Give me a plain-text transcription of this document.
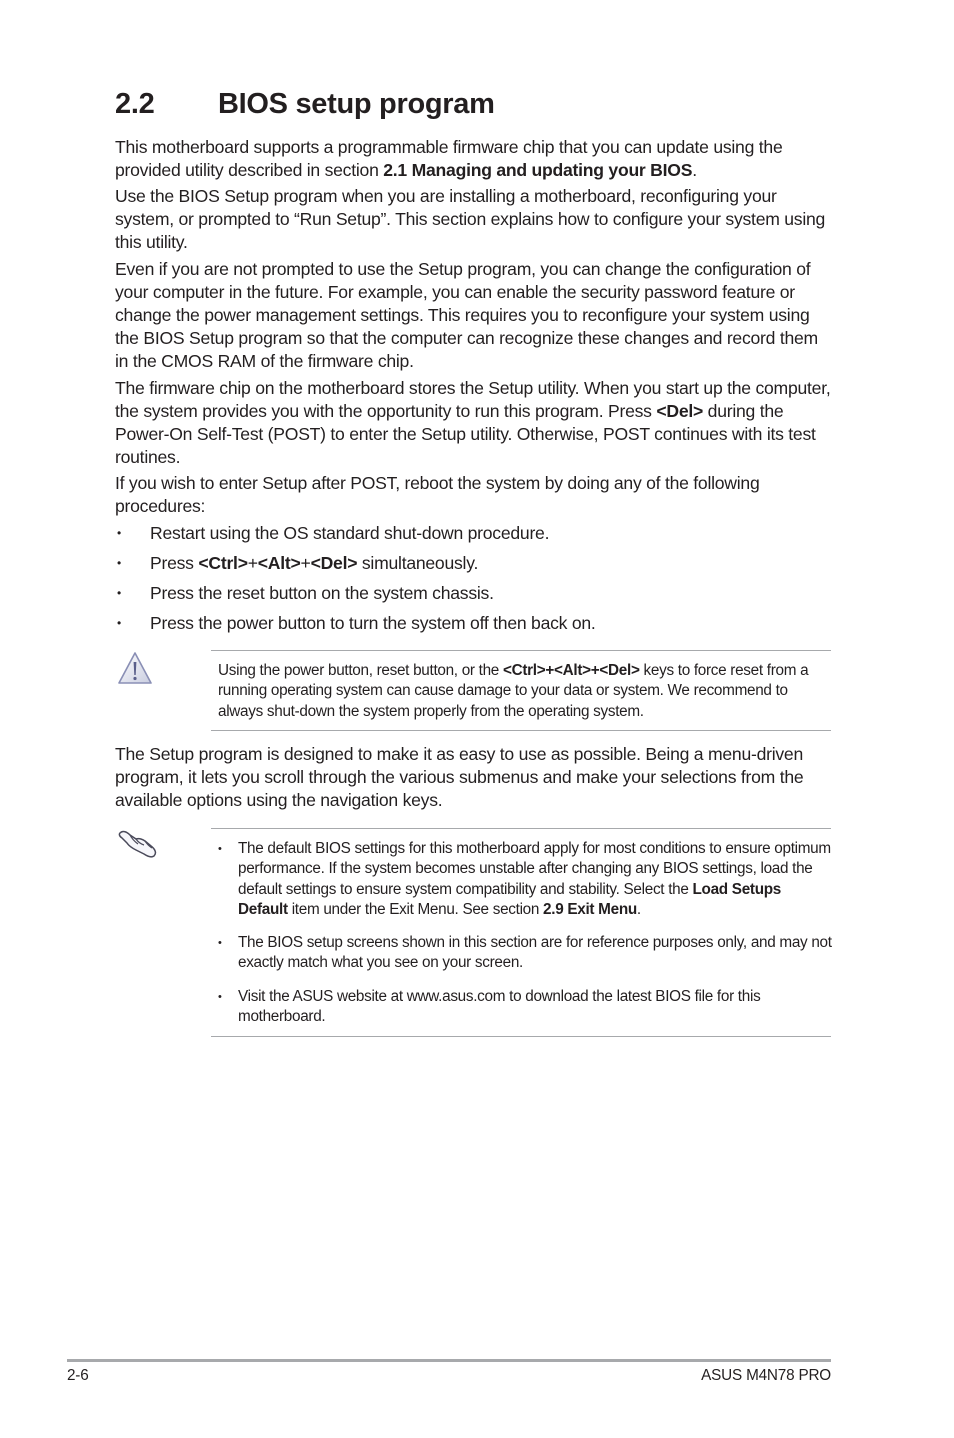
2.2 BIOS setup program
This motherboard supports a programmable firmware chip that you can update using the provided utility described in section 2.1 Managing and updating your BIOS.
Use the BIOS Setup program when you are installing a motherboard, reconfiguring your system, or prompted to “Run Setup”. This section explains how to configure your system using this utility.
Even if you are not prompted to use the Setup program, you can change the configuration of your computer in the future. For example, you can enable the security password feature or change the power management settings. This requires you to reconfigure your system using the BIOS Setup program so that the computer can recognize these changes and record them in the CMOS RAM of the firmware chip.
The firmware chip on the motherboard stores the Setup utility. When you start up the computer, the system provides you with the opportunity to run this program. Press <Del> during the Power-On Self-Test (POST) to enter the Setup utility. Otherwise, POST continues with its test routines.
If you wish to enter Setup after POST, reboot the system by doing any of the following procedures:
• Restart using the OS standard shut-down procedure.
• Press <Ctrl>+<Alt>+<Del> simultaneously.
• Press the reset button on the system chassis.
• Press the power button to turn the system off then back on.
Using the power button, reset button, or the <Ctrl>+<Alt>+<Del> keys to force reset from a running operating system can cause damage to your data or system. We recommend to always shut-down the system properly from the operating system.
The Setup program is designed to make it as easy to use as possible. Being a menu-driven program, it lets you scroll through the various submenus and make your selections from the available options using the navigation keys.
• The default BIOS settings for this motherboard apply for most conditions to ensure optimum performance. If the system becomes unstable after changing any BIOS settings, load the default settings to ensure system compatibility and stability. Select the Load Setups Default item under the Exit Menu. See section 2.9 Exit Menu.
• The BIOS setup screens shown in this section are for reference purposes only, and may not exactly match what you see on your screen.
• Visit the ASUS website at www.asus.com to download the latest BIOS file for this motherboard.
2-6	ASUS M4N78 PRO
